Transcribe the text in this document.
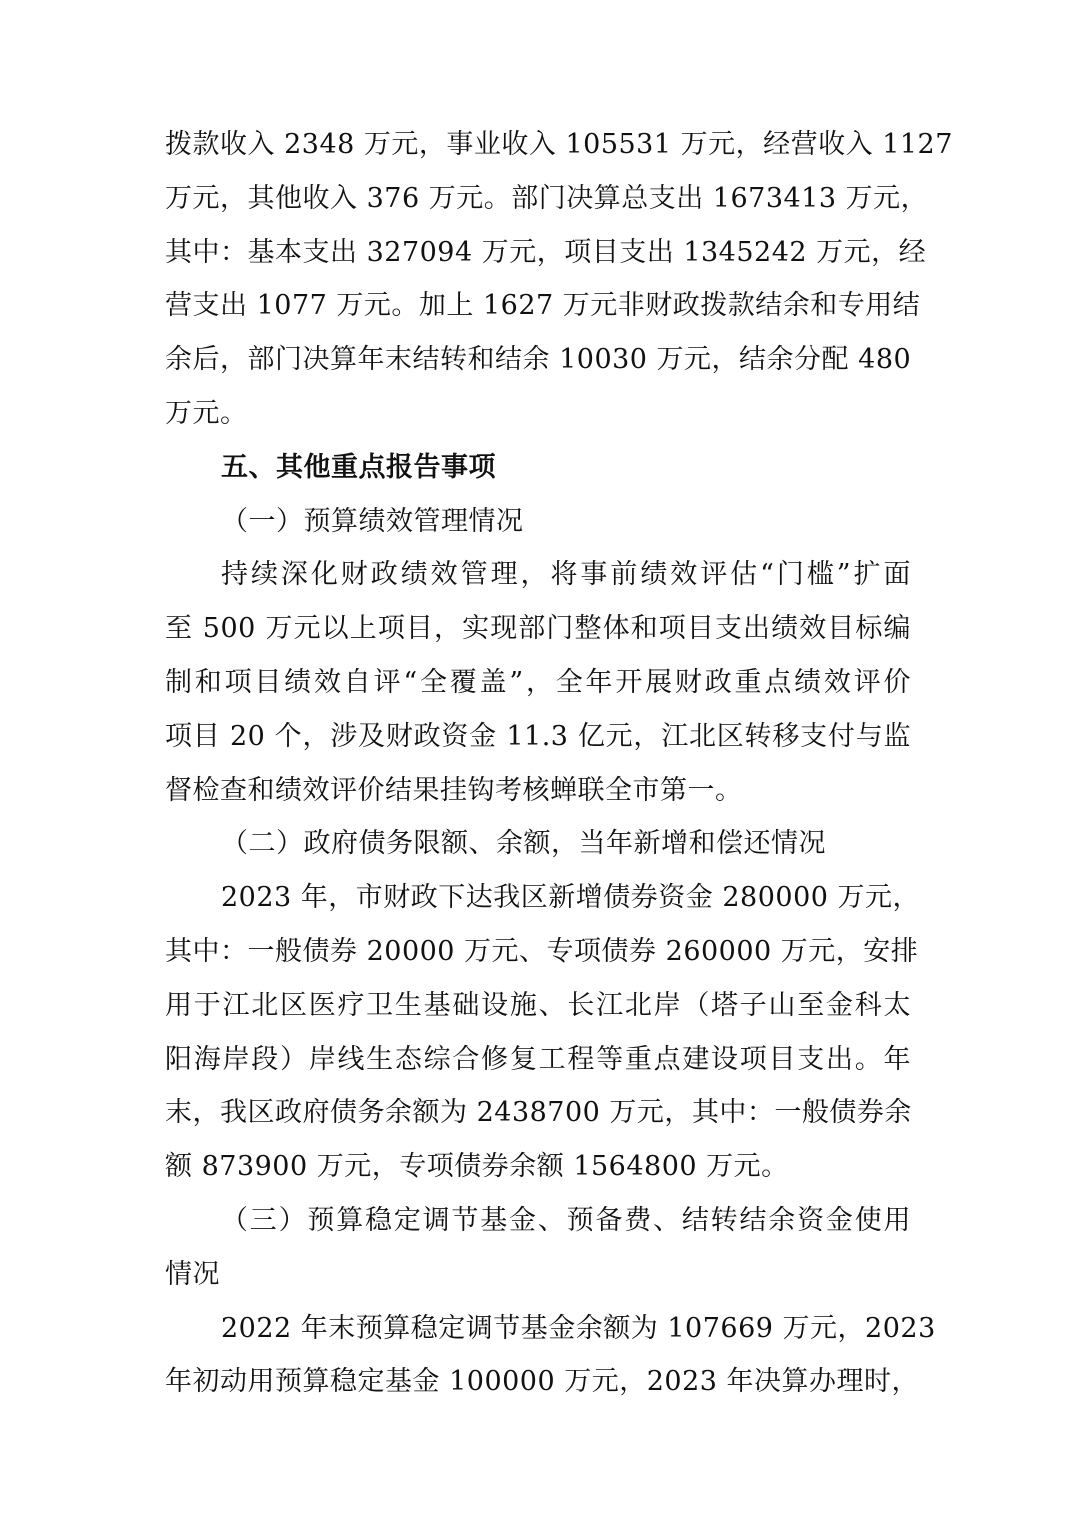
拨款收入 2348 万元，事业收入 105531 万元，经营收入 1127
万元，其他收入 376 万元。部门决算总支出 1673413 万元，
其中：基本支出 327094 万元，项目支出 1345242 万元，经
营支出 1077 万元。加上 1627 万元非财政拨款结余和专用结
余后，部门决算年末结转和结余 10030 万元，结余分配 480
万元。
五、其他重点报告事项
（一）预算绩效管理情况
持续深化财政绩效管理，将事前绩效评估“门槛”扩面
至 500 万元以上项目，实现部门整体和项目支出绩效目标编
制和项目绩效自评“全覆盖”，全年开展财政重点绩效评价
项目 20 个，涉及财政资金 11.3 亿元，江北区转移支付与监
督检查和绩效评价结果挂钩考核蝉联全市第一。
（二）政府债务限额、余额，当年新增和偿还情况
2023 年，市财政下达我区新增债券资金 280000 万元，
其中：一般债券 20000 万元、专项债券 260000 万元，安排
用于江北区医疗卫生基础设施、长江北岸（塔子山至金科太
阳海岸段）岸线生态综合修复工程等重点建设项目支出。年
末，我区政府债务余额为 2438700 万元，其中：一般债券余
额 873900 万元，专项债券余额 1564800 万元。
（三）预算稳定调节基金、预备费、结转结余资金使用
情况
2022 年末预算稳定调节基金余额为 107669 万元，2023
年初动用预算稳定基金 100000 万元，2023 年决算办理时，
